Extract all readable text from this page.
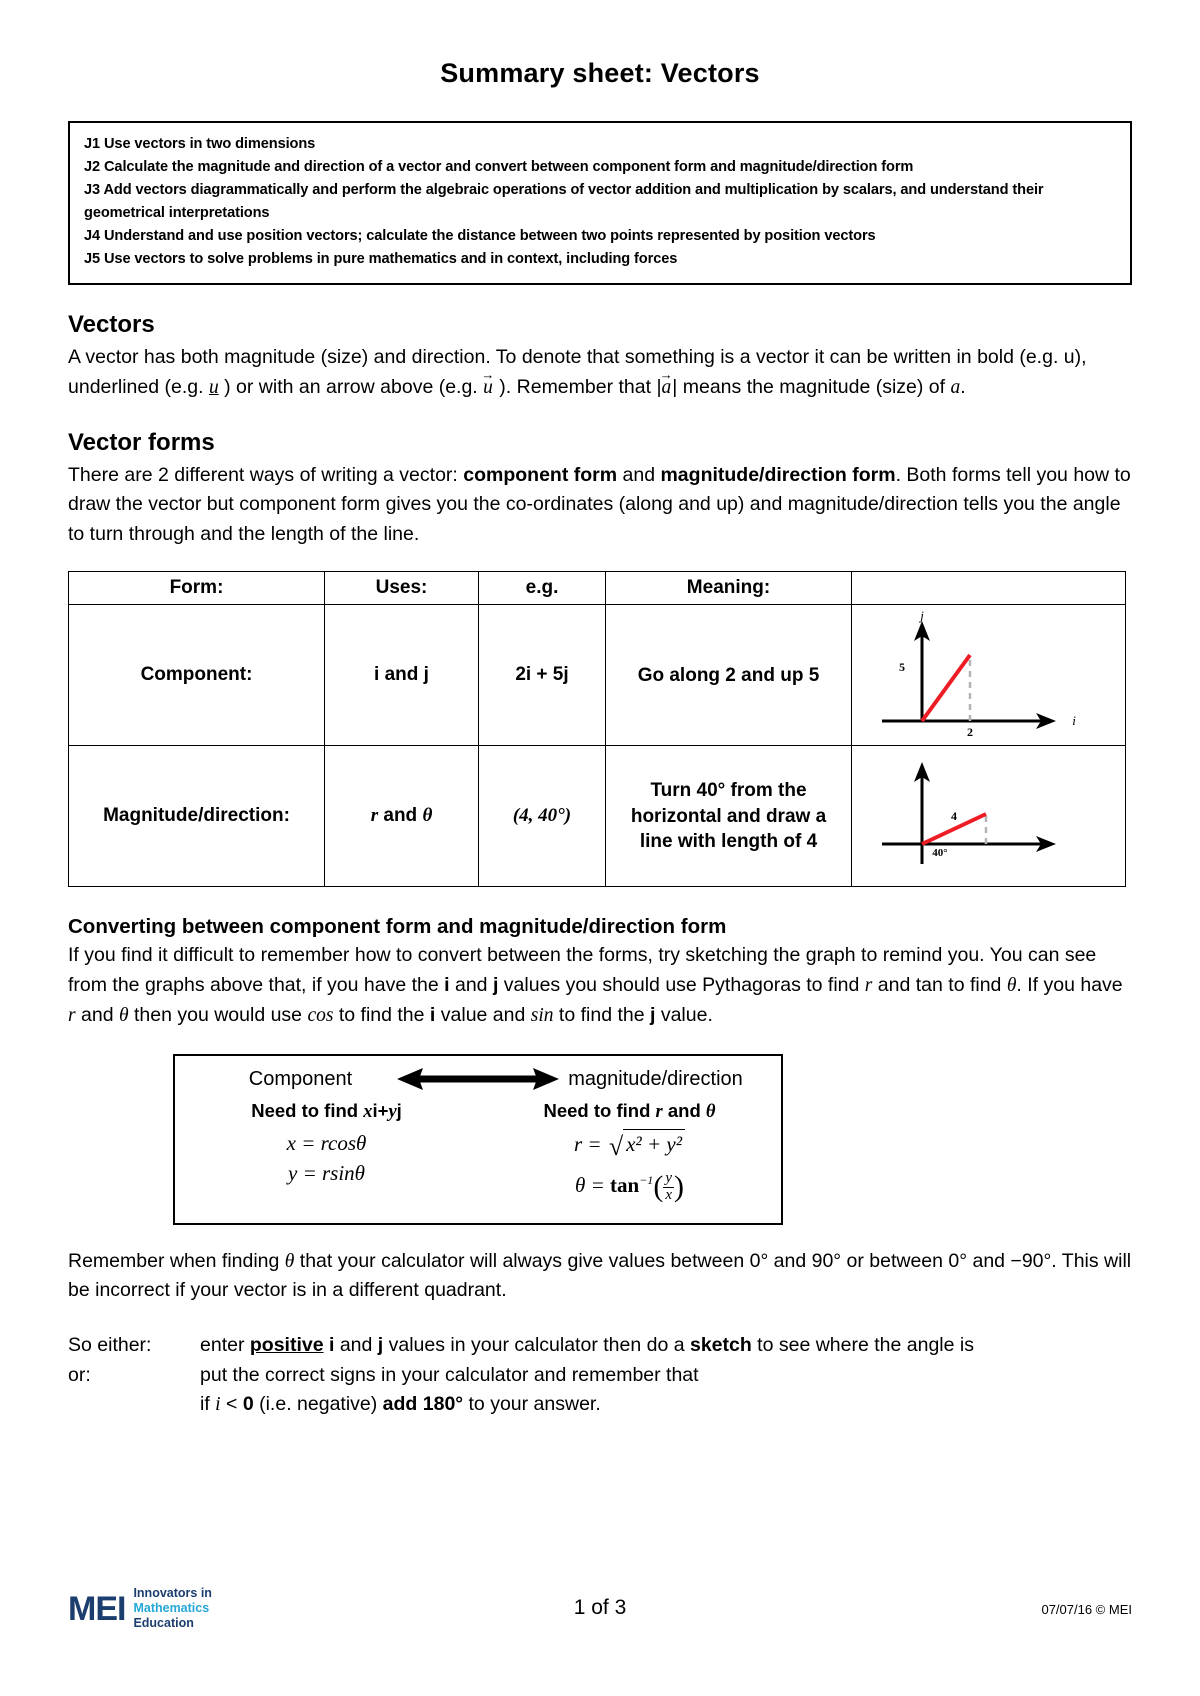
Summary sheet: Vectors
J1 Use vectors in two dimensions
J2 Calculate the magnitude and direction of a vector and convert between component form and magnitude/direction form
J3 Add vectors diagrammatically and perform the algebraic operations of vector addition and multiplication by scalars, and understand their geometrical interpretations
J4 Understand and use position vectors; calculate the distance between two points represented by position vectors
J5 Use vectors to solve problems in pure mathematics and in context, including forces
Vectors

A vector has both magnitude (size) and direction. To denote that something is a vector it can be written in bold (e.g. u), underlined (e.g. u ) or with an arrow above (e.g. u → ). Remember that |a →| means the magnitude (size) of a.

Vector forms

There are 2 different ways of writing a vector: component form and magnitude/direction form. Both forms tell you how to draw the vector but component form gives you the co-ordinates (along and up) and magnitude/direction tells you the angle to turn through and the length of the line.

Form:	Uses:	e.g.	Meaning:	
Component:	i and j	2i + 5j	Go along 2 and up 5	5
2
j
i

Magnitude/direction:	r and θ	(4, 40°)	Turn 40° from the horizontal and draw a line with length of 4	4
40°
Converting between component form and magnitude/direction form

If you find it difficult to remember how to convert between the forms, try sketching the graph to remind you. You can see from the graphs above that, if you have the i and j values you should use Pythagoras to find r and tan to find θ. If you have r and θ then you would use cos to find the i value and sin to find the j value.

Component	magnitude/direction
Need to find xi+yj
x = rcosθ
y = rsinθ
Need to find r and θ
r = √ x² + y²
$\theta = \tan^{-1}( \frac{y}{x}$ )
Remember when finding θ that your calculator will always give values between 0° and 90° or between 0° and −90°. This will be incorrect if your vector is in a different quadrant.
So either:	enter positive i and j values in your calculator then do a sketch to see where the angle is
or:	put the correct signs in your calculator and remember that
if i < 0 (i.e. negative) add 180° to your answer.
MEI Innovators in
Mathematics
Education
1 of 3	07/07/16 © MEI
